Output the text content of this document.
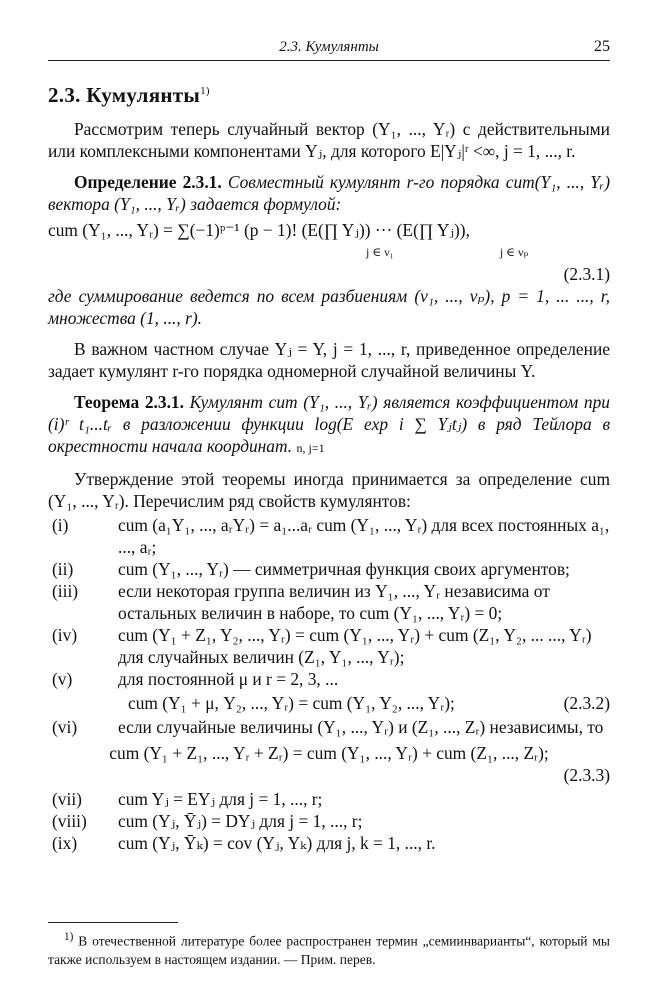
2.3. Кумулянты	25
2.3. Кумулянты$^{1)}$

Рассмотрим теперь случайный вектор (Y₁, ..., Yᵣ) с действительными или комплексными компонентами Yⱼ, для которого E|Yⱼ|ʳ <∞, j = 1, ..., r.

Определение 2.3.1. Совместный кумулянт r-го порядка cum(Y₁, ..., Yᵣ) вектора (Y₁, ..., Yᵣ) задается формулой:

cum (Y₁, ..., Yᵣ) = ∑(−1)ᵖ⁻¹ (p − 1)! (E(∏ Yⱼ)) ··· (E(∏ Yⱼ)),
j ∈ ν₁	j ∈ νₚ
(2.3.1)

где суммирование ведется по всем разбиениям (ν₁, ..., νₚ), p = 1, ... ..., r, множества (1, ..., r).

В важном частном случае Yⱼ = Y, j = 1, ..., r, приведенное определение задает кумулянт r-го порядка одномерной случайной величины Y.

Теорема 2.3.1. Кумулянт cum (Y₁, ..., Yᵣ) является коэффициентом при (i)ʳ t₁...tᵣ в разложении функции log(E exp i ∑ Yⱼtⱼ) в ряд Тейлора в окрестности начала координат. n, j=1

Утверждение этой теоремы иногда принимается за определение cum (Y₁, ..., Yᵣ). Перечислим ряд свойств кумулянтов:

(i)	cum (a₁Y₁, ..., aᵣYᵣ) = a₁...aᵣ cum (Y₁, ..., Yᵣ) для всех постоянных a₁, ..., aᵣ;
(ii)	cum (Y₁, ..., Yᵣ) — симметричная функция своих аргументов;
(iii)	если некоторая группа величин из Y₁, ..., Yᵣ независима от остальных величин в наборе, то cum (Y₁, ..., Yᵣ) = 0;
(iv)	cum (Y₁ + Z₁, Y₂, ..., Yᵣ) = cum (Y₁, ..., Yᵣ) + cum (Z₁, Y₂, ... ..., Yᵣ) для случайных величин (Z₁, Y₁, ..., Yᵣ);
(v)	для постоянной μ и r = 2, 3, ...
cum (Y₁ + μ, Y₂, ..., Yᵣ) = cum (Y₁, Y₂, ..., Yᵣ);	(2.3.2)
(vi)	если случайные величины (Y₁, ..., Yᵣ) и (Z₁, ..., Zᵣ) независимы, то
cum (Y₁ + Z₁, ..., Yᵣ + Zᵣ) = cum (Y₁, ..., Yᵣ) + cum (Z₁, ..., Zᵣ);
(2.3.3)
(vii)	cum Yⱼ = EYⱼ для j = 1, ..., r;
(viii)	cum (Yⱼ, Ȳⱼ) = DYⱼ для j = 1, ..., r;
(ix)	cum (Yⱼ, Ȳₖ) = cov (Yⱼ, Yₖ) для j, k = 1, ..., r.
$^{1)}$ В отечественной литературе более распространен термин „семиинварианты“, который мы также используем в настоящем издании. — Прим. перев.
